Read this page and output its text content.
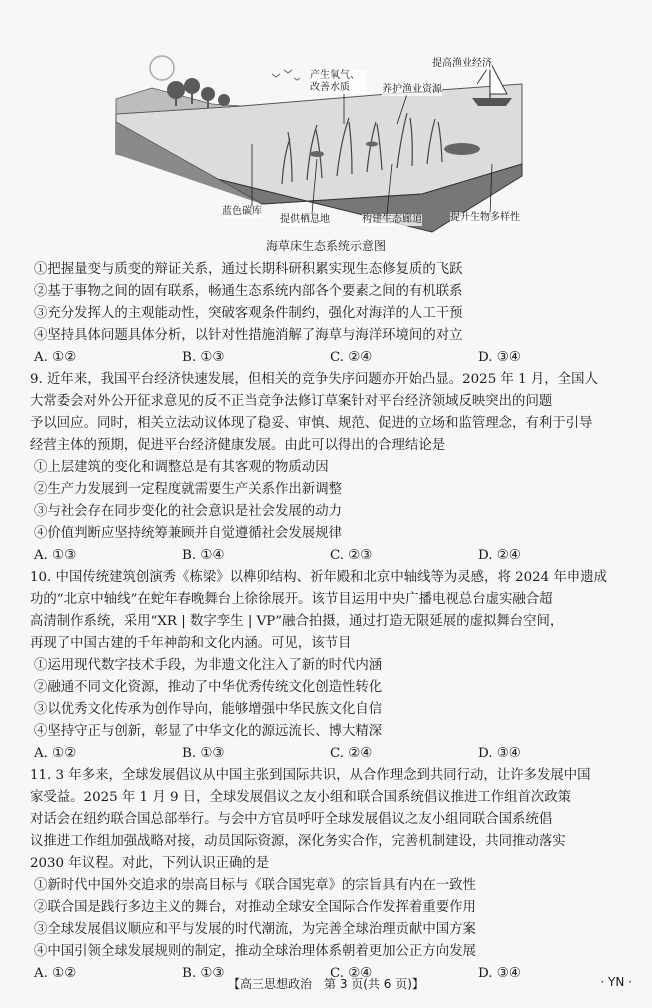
产生氧气、
改善水质	养护渔业资源
提高渔业经济
蓝色碳库
提供栖息地	构建生态廊道	提升生物多样性
海草床生态系统示意图
①把握量变与质变的辩证关系，通过长期科研积累实现生态修复质的飞跃
②基于事物之间的固有联系，畅通生态系统内部各个要素之间的有机联系
③充分发挥人的主观能动性，突破客观条件制约，强化对海洋的人工干预
④坚持具体问题具体分析，以针对性措施消解了海草与海洋环境间的对立
A. ①②	B. ①③	C. ②④	D. ③④
9. 近年来，我国平台经济快速发展，但相关的竞争失序问题亦开始凸显。2025 年 1 月，全国人
大常委会对外公开征求意见的反不正当竞争法修订草案针对平台经济领域反映突出的问题
予以回应。同时，相关立法动议体现了稳妥、审慎、规范、促进的立场和监管理念，有利于引导
经营主体的预期，促进平台经济健康发展。由此可以得出的合理结论是
①上层建筑的变化和调整总是有其客观的物质动因
②生产力发展到一定程度就需要生产关系作出新调整
③与社会存在同步变化的社会意识是社会发展的动力
④价值判断应坚持统筹兼顾并自觉遵循社会发展规律
A. ①③	B. ①④	C. ②③	D. ②④
10. 中国传统建筑创演秀《栋梁》以榫卯结构、祈年殿和北京中轴线等为灵感，将 2024 年申遗成
功的“北京中轴线”在蛇年春晚舞台上徐徐展开。该节目运用中央广播电视总台虚实融合超
高清制作系统，采用“XR | 数字孪生 | VP”融合拍摄，通过打造无限延展的虚拟舞台空间，
再现了中国古建的千年神韵和文化内涵。可见，该节目
①运用现代数字技术手段，为非遗文化注入了新的时代内涵
②融通不同文化资源，推动了中华优秀传统文化创造性转化
③以优秀文化传承为创作导向，能够增强中华民族文化自信
④坚持守正与创新，彰显了中华文化的源远流长、博大精深
A. ①②	B. ①③	C. ②④	D. ③④
11. 3 年多来，全球发展倡议从中国主张到国际共识，从合作理念到共同行动，让许多发展中国
家受益。2025 年 1 月 9 日，全球发展倡议之友小组和联合国系统倡议推进工作组首次政策
对话会在纽约联合国总部举行。与会中方官员呼吁全球发展倡议之友小组同联合国系统倡
议推进工作组加强战略对接，动员国际资源，深化务实合作，完善机制建设，共同推动落实
2030 年议程。对此，下列认识正确的是
①新时代中国外交追求的崇高目标与《联合国宪章》的宗旨具有内在一致性
②联合国是践行多边主义的舞台，对推动全球安全国际合作发挥着重要作用
③全球发展倡议顺应和平与发展的时代潮流，为完善全球治理贡献中国方案
④中国引领全球发展规则的制定，推动全球治理体系朝着更加公正方向发展
A. ①②	B. ①③	C. ②④	D. ③④
【高三思想政治　第 3 页(共 6 页)】	· YN ·
